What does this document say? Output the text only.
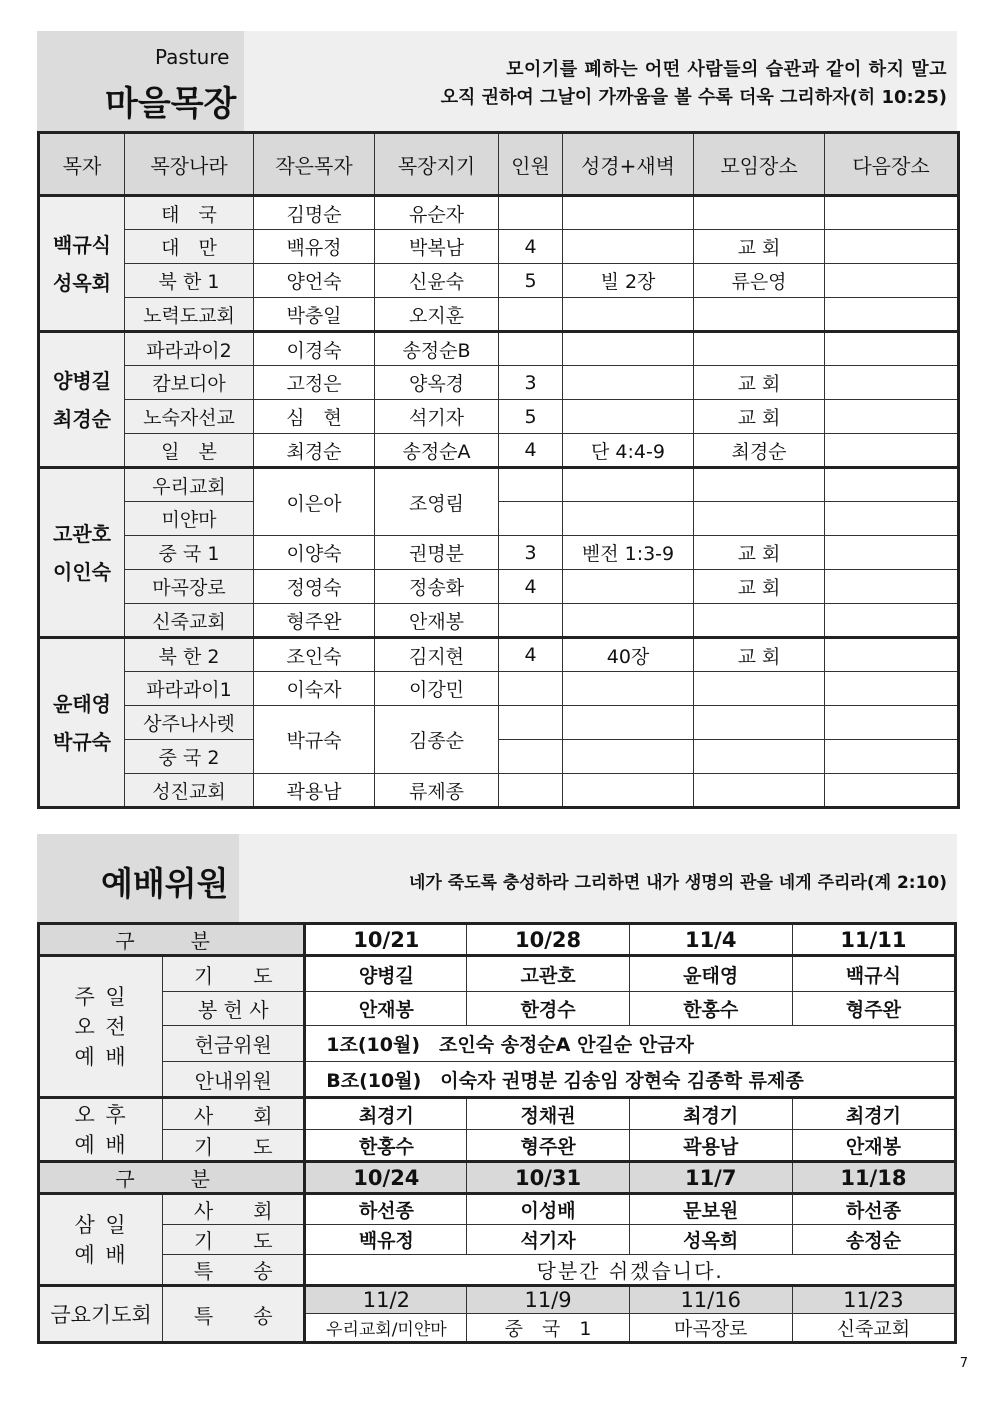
Pasture
마을목장
모이기를 폐하는 어떤 사람들의 습관과 같이 하지 말고
오직 권하여 그날이 가까움을 볼 수록 더욱 그리하자(히 10:25)
목자	목장나라	작은목자	목장지기	인원	성경+새벽	모임장소	다음장소

백규식
성옥회	태　국	김명순	유순자				
	대　만	백유정	박복남	4		교 회	
	북 한 1	양언숙	신윤숙	5	빌 2장	류은영	
	노력도교회	박충일	오지훈				

양병길
최경순	파라과이2	이경숙	송정순B				
	캄보디아	고정은	양옥경	3		교 회	
	노숙자선교	심　현	석기자	5		교 회	
	일　본	최경순	송정순A	4	단 4:4-9	최경순	

고관호
이인숙	우리교회	이은아	조영림				
	미얀마						
	중 국 1	이양숙	권명분	3	벧전 1:3-9	교 회	
	마곡장로	정영숙	정송화	4		교 회	
	신죽교회	형주완	안재봉				

윤태영
박규숙	북 한 2	조인숙	김지현	4	40장	교 회	
	파라과이1	이숙자	이강민				
	상주나사렛	박규숙	김종순				
	중 국 2						
	성진교회	곽용남	류제종				
예배위원	네가 죽도록 충성하라 그리하면 내가 생명의 관을 네게 주리라(계 2:10)
구　분		10/21	10/28	11/4	11/11

주 일
오 전
예 배	기　　도	양병길	고관호	윤태영	백규식
	봉 헌 사	안재봉	한경수	한홍수	형주완
	헌금위원	1조(10월)　조인숙 송정순A 안길순 안금자			
	안내위원	B조(10월)　이숙자 권명분 김송임 장현숙 김종학 류제종			

오 후
예 배	사　　회	최경기	정채권	최경기	최경기
	기　　도	한홍수	형주완	곽용남	안재봉
구　분		10/24	10/31	11/7	11/18

삼 일
예 배	사　　회	하선종	이성배	문보원	하선종
	기　　도	백유정	석기자	성옥희	송정순
	특　　송	당분간 쉬겠습니다.			
금요기도회	특　　송	11/2	11/9	11/16	11/23
		우리교회/미얀마	중　국　1	마곡장로	신죽교회
7
